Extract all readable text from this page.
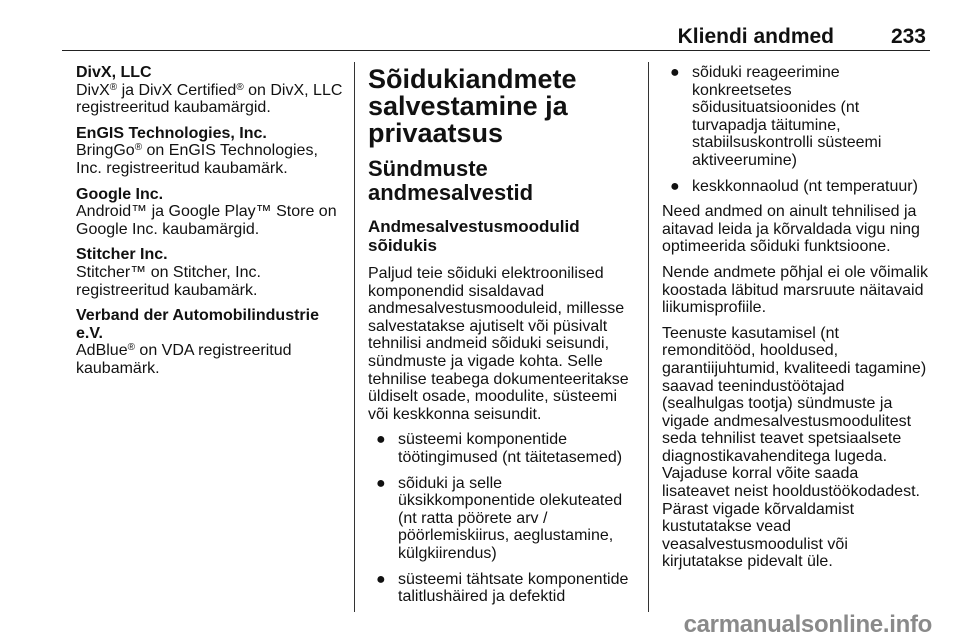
Kliendi andmed	233
DivX, LLC

DivX® ja DivX Certified® on DivX, LLC registreeritud kaubamärgid.

EnGIS Technologies, Inc.

BringGo® on EnGIS Technologies, Inc. registreeritud kaubamärk.

Google Inc.

Android™ ja Google Play™ Store on Google Inc. kaubamärgid.

Stitcher Inc.

Stitcher™ on Stitcher, Inc. registreeritud kaubamärk.

Verband der Automobilindustrie e.V.

AdBlue® on VDA registreeritud kaubamärk.

Sõidukiandmete salvestamine ja privaatsus
Sündmuste andmesalvestid
Andmesalvestusmoodulid sõidukis

Paljud teie sõiduki elektroonilised komponendid sisaldavad andmesalvestusmooduleid, millesse salvestatakse ajutiselt või püsivalt tehnilisi andmeid sõiduki seisundi, sündmuste ja vigade kohta. Selle tehnilise teabega dokumenteeritakse üldiselt osade, moodulite, süsteemi või keskkonna seisundit.

● süsteemi komponentide töötingimused (nt täitetasemed)
● sõiduki ja selle üksikkomponentide olekuteated (nt ratta pöörete arv / pöörlemiskiirus, aeglustamine, külgkiirendus)
● süsteemi tähtsate komponentide talitlushäired ja defektid
● sõiduki reageerimine konkreetsetes sõidusituatsioonides (nt turvapadja täitumine, stabiilsuskontrolli süsteemi aktiveerumine)
● keskkonnaolud (nt temperatuur)

Need andmed on ainult tehnilised ja aitavad leida ja kõrvaldada vigu ning optimeerida sõiduki funktsioone.

Nende andmete põhjal ei ole võimalik koostada läbitud marsruute näitavaid liikumisprofiile.

Teenuste kasutamisel (nt remonditööd, hooldused, garantiijuhtumid, kvaliteedi tagamine) saavad teenindustöötajad (sealhulgas tootja) sündmuste ja vigade andmesalvestusmoodulitest seda tehnilist teavet spetsiaalsete diagnostikavahenditega lugeda. Vajaduse korral võite saada lisateavet neist hooldustöökodadest. Pärast vigade kõrvaldamist kustutatakse vead veasalvestusmoodulist või kirjutatakse pidevalt üle.

carmanualsonline.info
